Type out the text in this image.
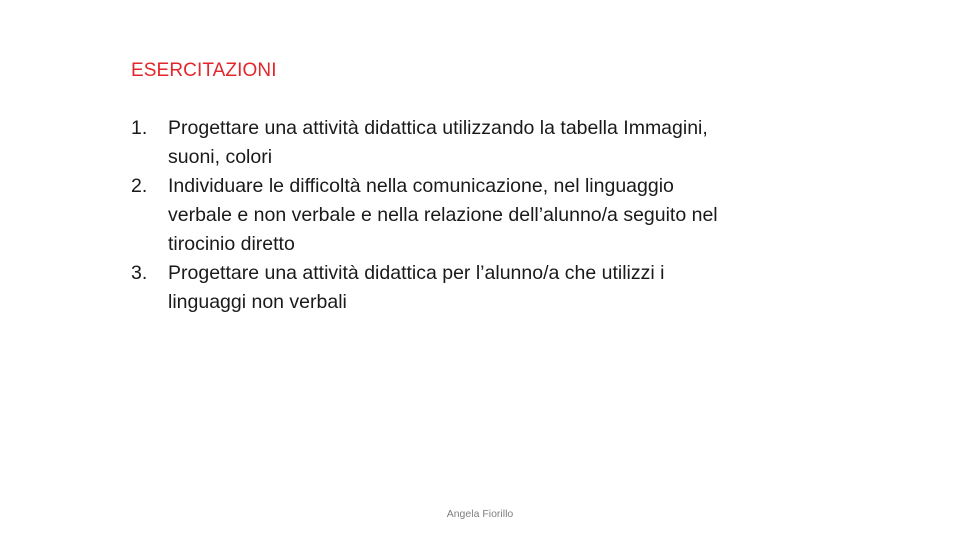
ESERCITAZIONI
1. Progettare una attività didattica utilizzando la tabella Immagini, suoni, colori
2. Individuare le difficoltà nella comunicazione, nel linguaggio verbale e non verbale e nella relazione dell’alunno/a seguito nel tirocinio diretto
3. Progettare una attività didattica per l’alunno/a che utilizzi i linguaggi non verbali
Angela Fiorillo
